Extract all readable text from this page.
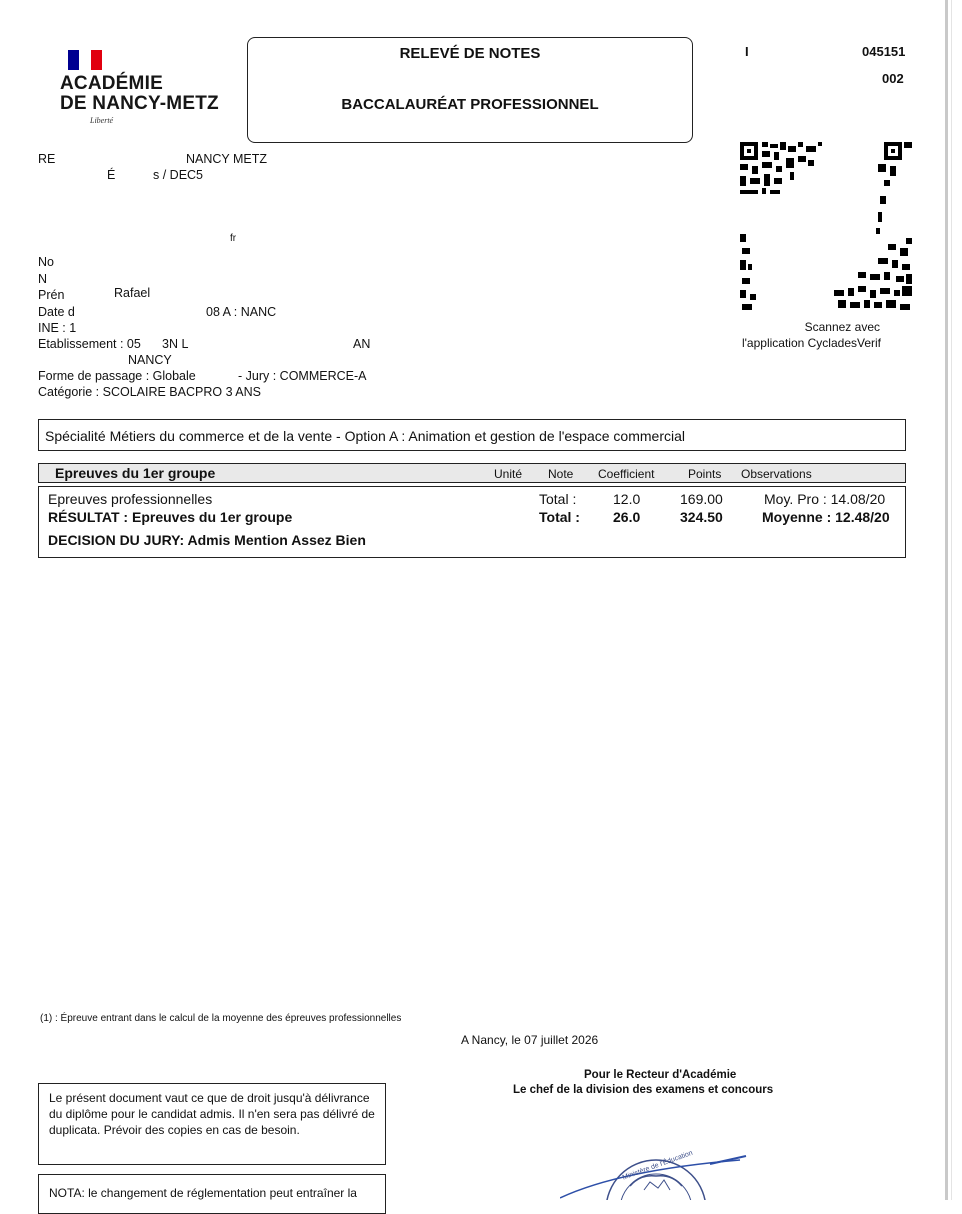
ACADÉMIE
DE NANCY-METZ
Liberté
RELEVÉ DE NOTES
BACCALAURÉAT PROFESSIONNEL
I	045151
002
Scannez avec
l'application CycladesVerif
RE	NANCY METZ
É	s / DEC5
fr
No
N
Prén	Rafael
Date d	08 A : NANC
INE : 1
Etablissement : 05 3N L	AN
NANCY
Forme de passage : Globale	- Jury : COMMERCE-A
Catégorie : SCOLAIRE BACPRO 3 ANS
Spécialité Métiers du commerce et de la vente - Option A : Animation et gestion de l'espace commercial
Epreuves du 1er groupe	Unité Note Coefficient	Points Observations
Epreuves professionnelles	Total :	12.0	169.00	Moy. Pro : 14.08/20
RÉSULTAT : Epreuves du 1er groupe	Total : 26.0	324.50	Moyenne : 12.48/20
DECISION DU JURY: Admis Mention Assez Bien
(1) : Épreuve entrant dans le calcul de la moyenne des épreuves professionnelles
A Nancy, le 07 juillet 2026
Pour le Recteur d'Académie
Le chef de la division des examens et concours
Le présent document vaut ce que de droit jusqu'à délivrance du diplôme pour le candidat admis. Il n'en sera pas délivré de duplicata. Prévoir des copies en cas de besoin.
NOTA: le changement de réglementation peut entraîner la
Ministère de l'Éducation
